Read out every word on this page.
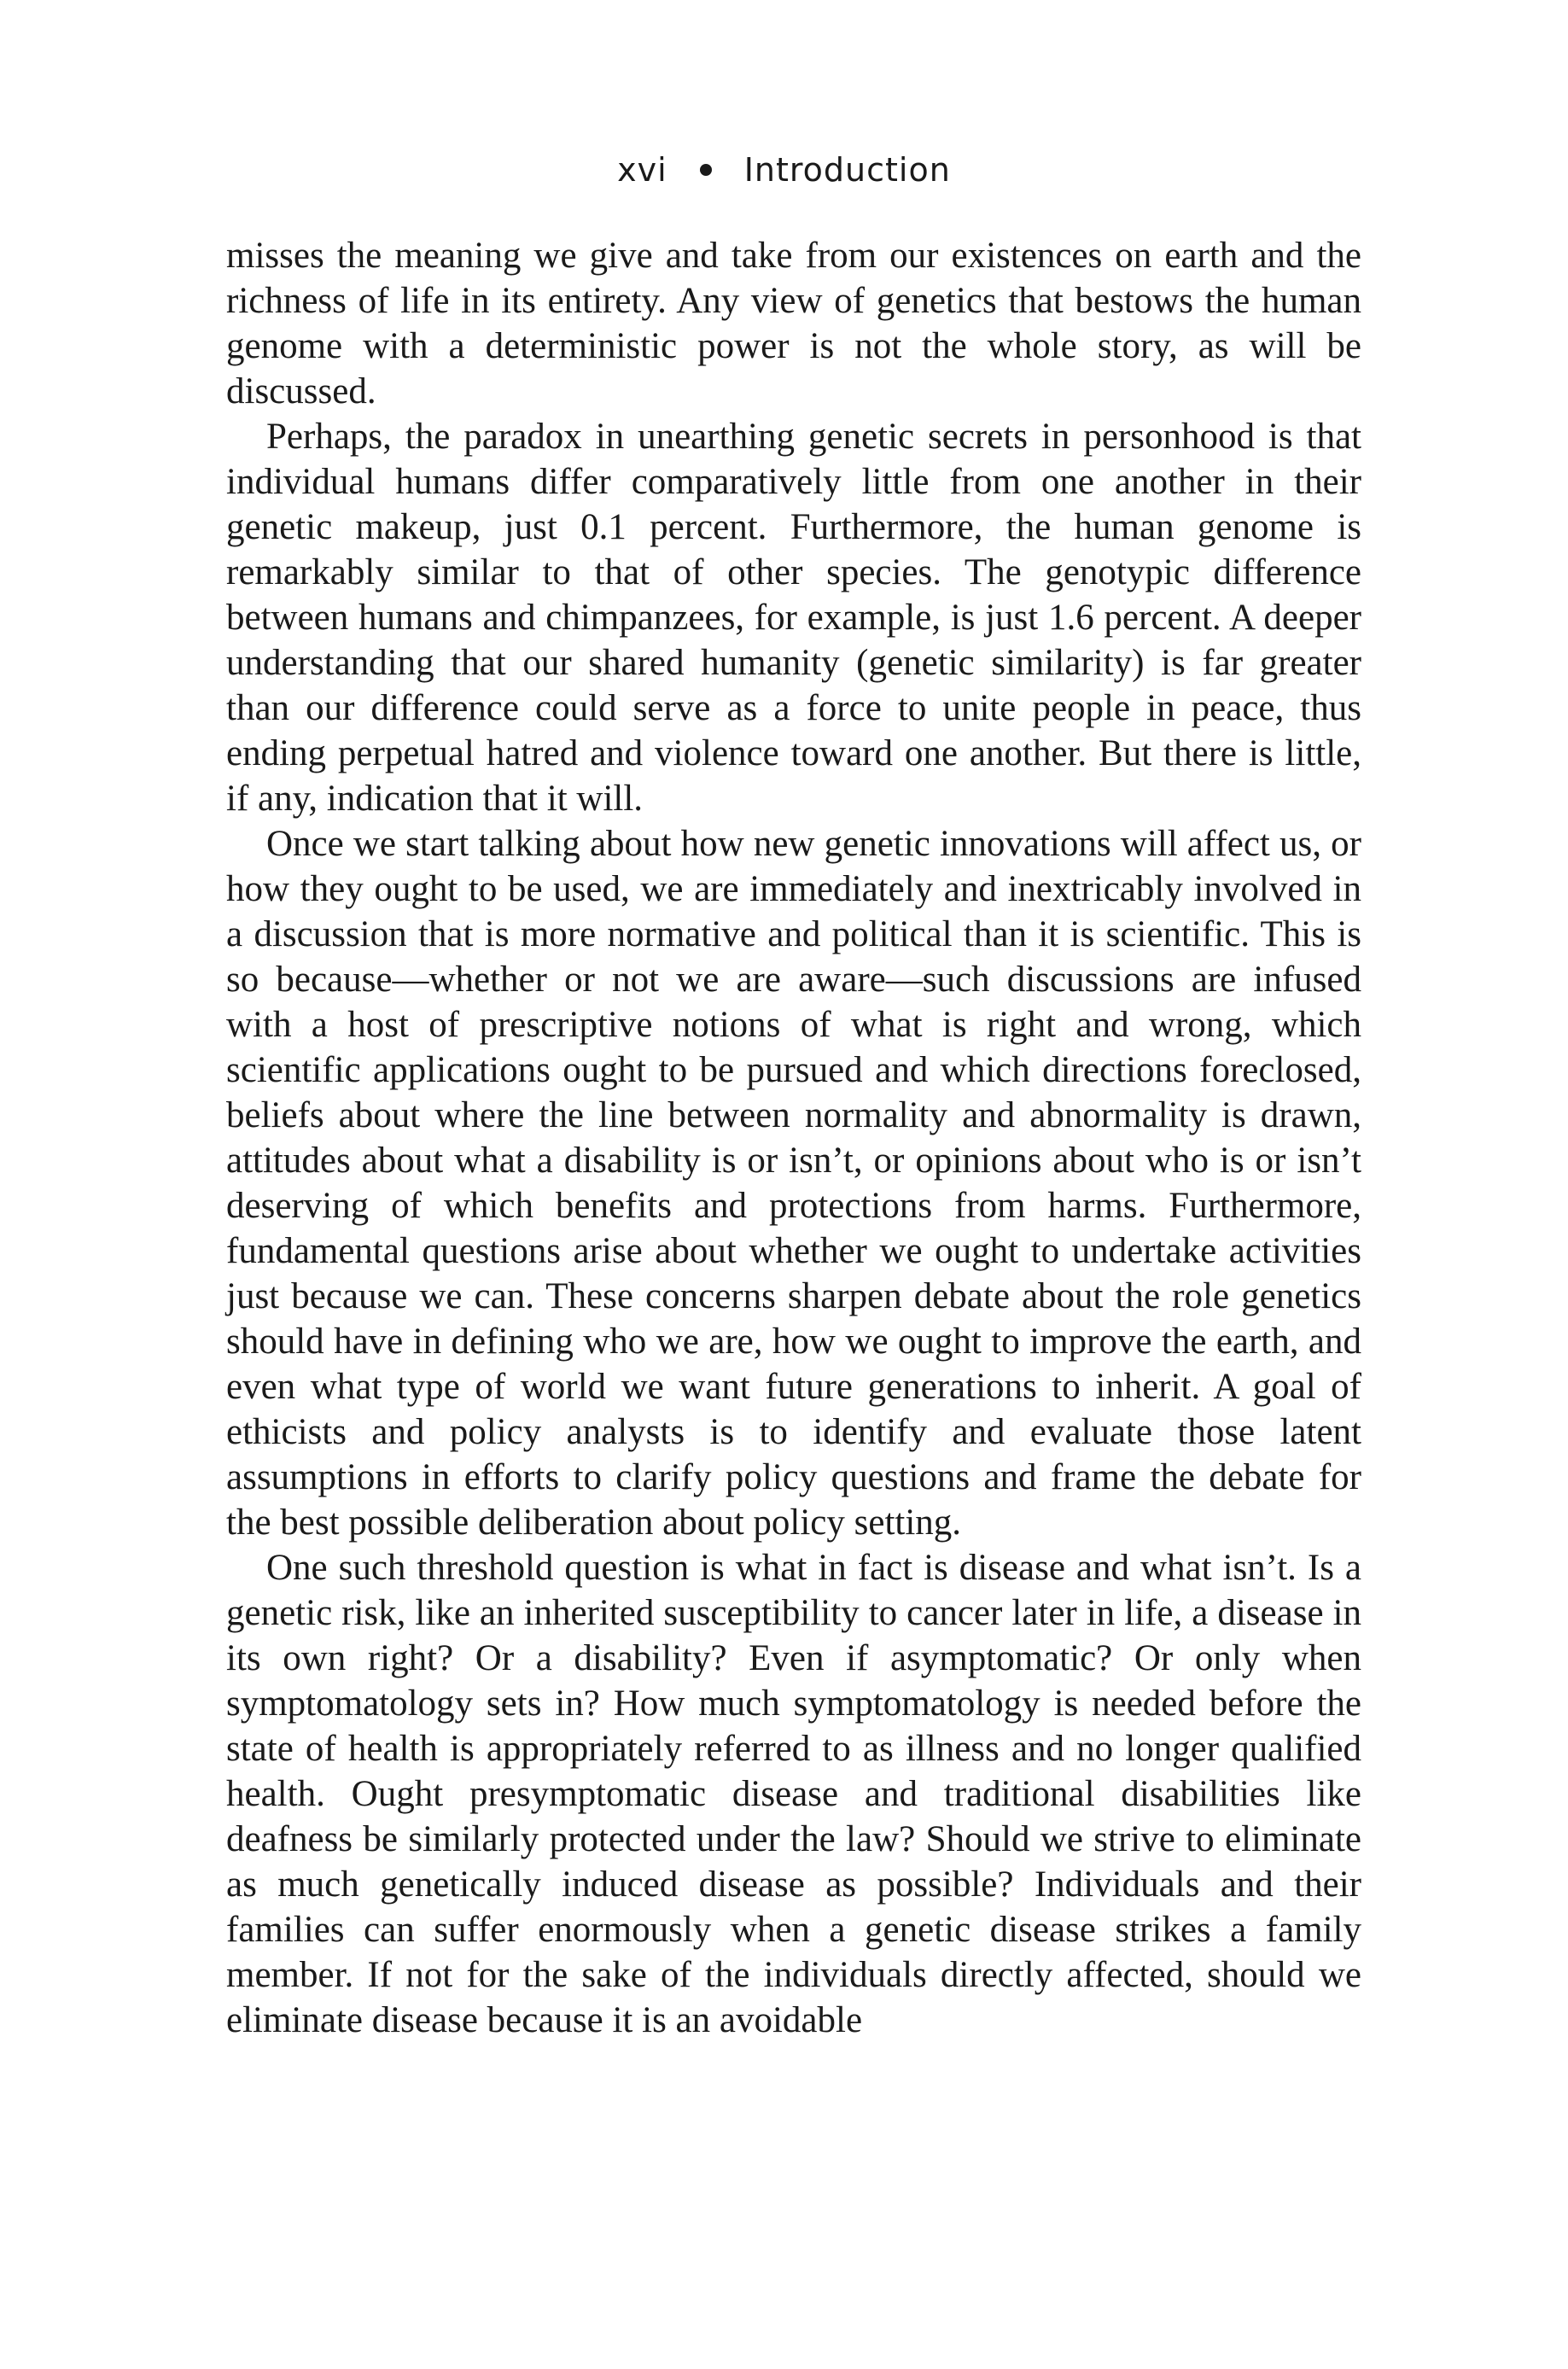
xvi Introduction

misses the meaning we give and take from our existences on earth and the richness of life in its entirety. Any view of genetics that bestows the human genome with a deterministic power is not the whole story, as will be discussed.

Perhaps, the paradox in unearthing genetic secrets in personhood is that individual humans differ comparatively little from one another in their genetic makeup, just 0.1 percent. Furthermore, the human genome is remarkably similar to that of other species. The genotypic difference between humans and chimpanzees, for example, is just 1.6 percent. A deeper understanding that our shared humanity (genetic similarity) is far greater than our difference could serve as a force to unite people in peace, thus ending perpetual hatred and violence toward one another. But there is little, if any, indication that it will.

Once we start talking about how new genetic innovations will affect us, or how they ought to be used, we are immediately and inextricably involved in a discussion that is more normative and political than it is scientific. This is so because—whether or not we are aware—such discussions are infused with a host of prescriptive notions of what is right and wrong, which scientific applications ought to be pursued and which directions foreclosed, beliefs about where the line between normality and abnormality is drawn, attitudes about what a disability is or isn’t, or opinions about who is or isn’t deserving of which benefits and protections from harms. Furthermore, fundamental questions arise about whether we ought to undertake activities just because we can. These concerns sharpen debate about the role genetics should have in defining who we are, how we ought to improve the earth, and even what type of world we want future generations to inherit. A goal of ethicists and policy analysts is to identify and evaluate those latent assumptions in efforts to clarify policy questions and frame the debate for the best possible deliberation about policy setting.

One such threshold question is what in fact is disease and what isn’t. Is a genetic risk, like an inherited susceptibility to cancer later in life, a disease in its own right? Or a disability? Even if asymptomatic? Or only when symptomatology sets in? How much symptomatology is needed before the state of health is appropriately referred to as illness and no longer qualified health. Ought presymptomatic disease and traditional disabilities like deafness be similarly protected under the law? Should we strive to eliminate as much genetically induced disease as possible? Individuals and their families can suffer enormously when a genetic disease strikes a family member. If not for the sake of the individuals directly affected, should we eliminate disease because it is an avoidable
